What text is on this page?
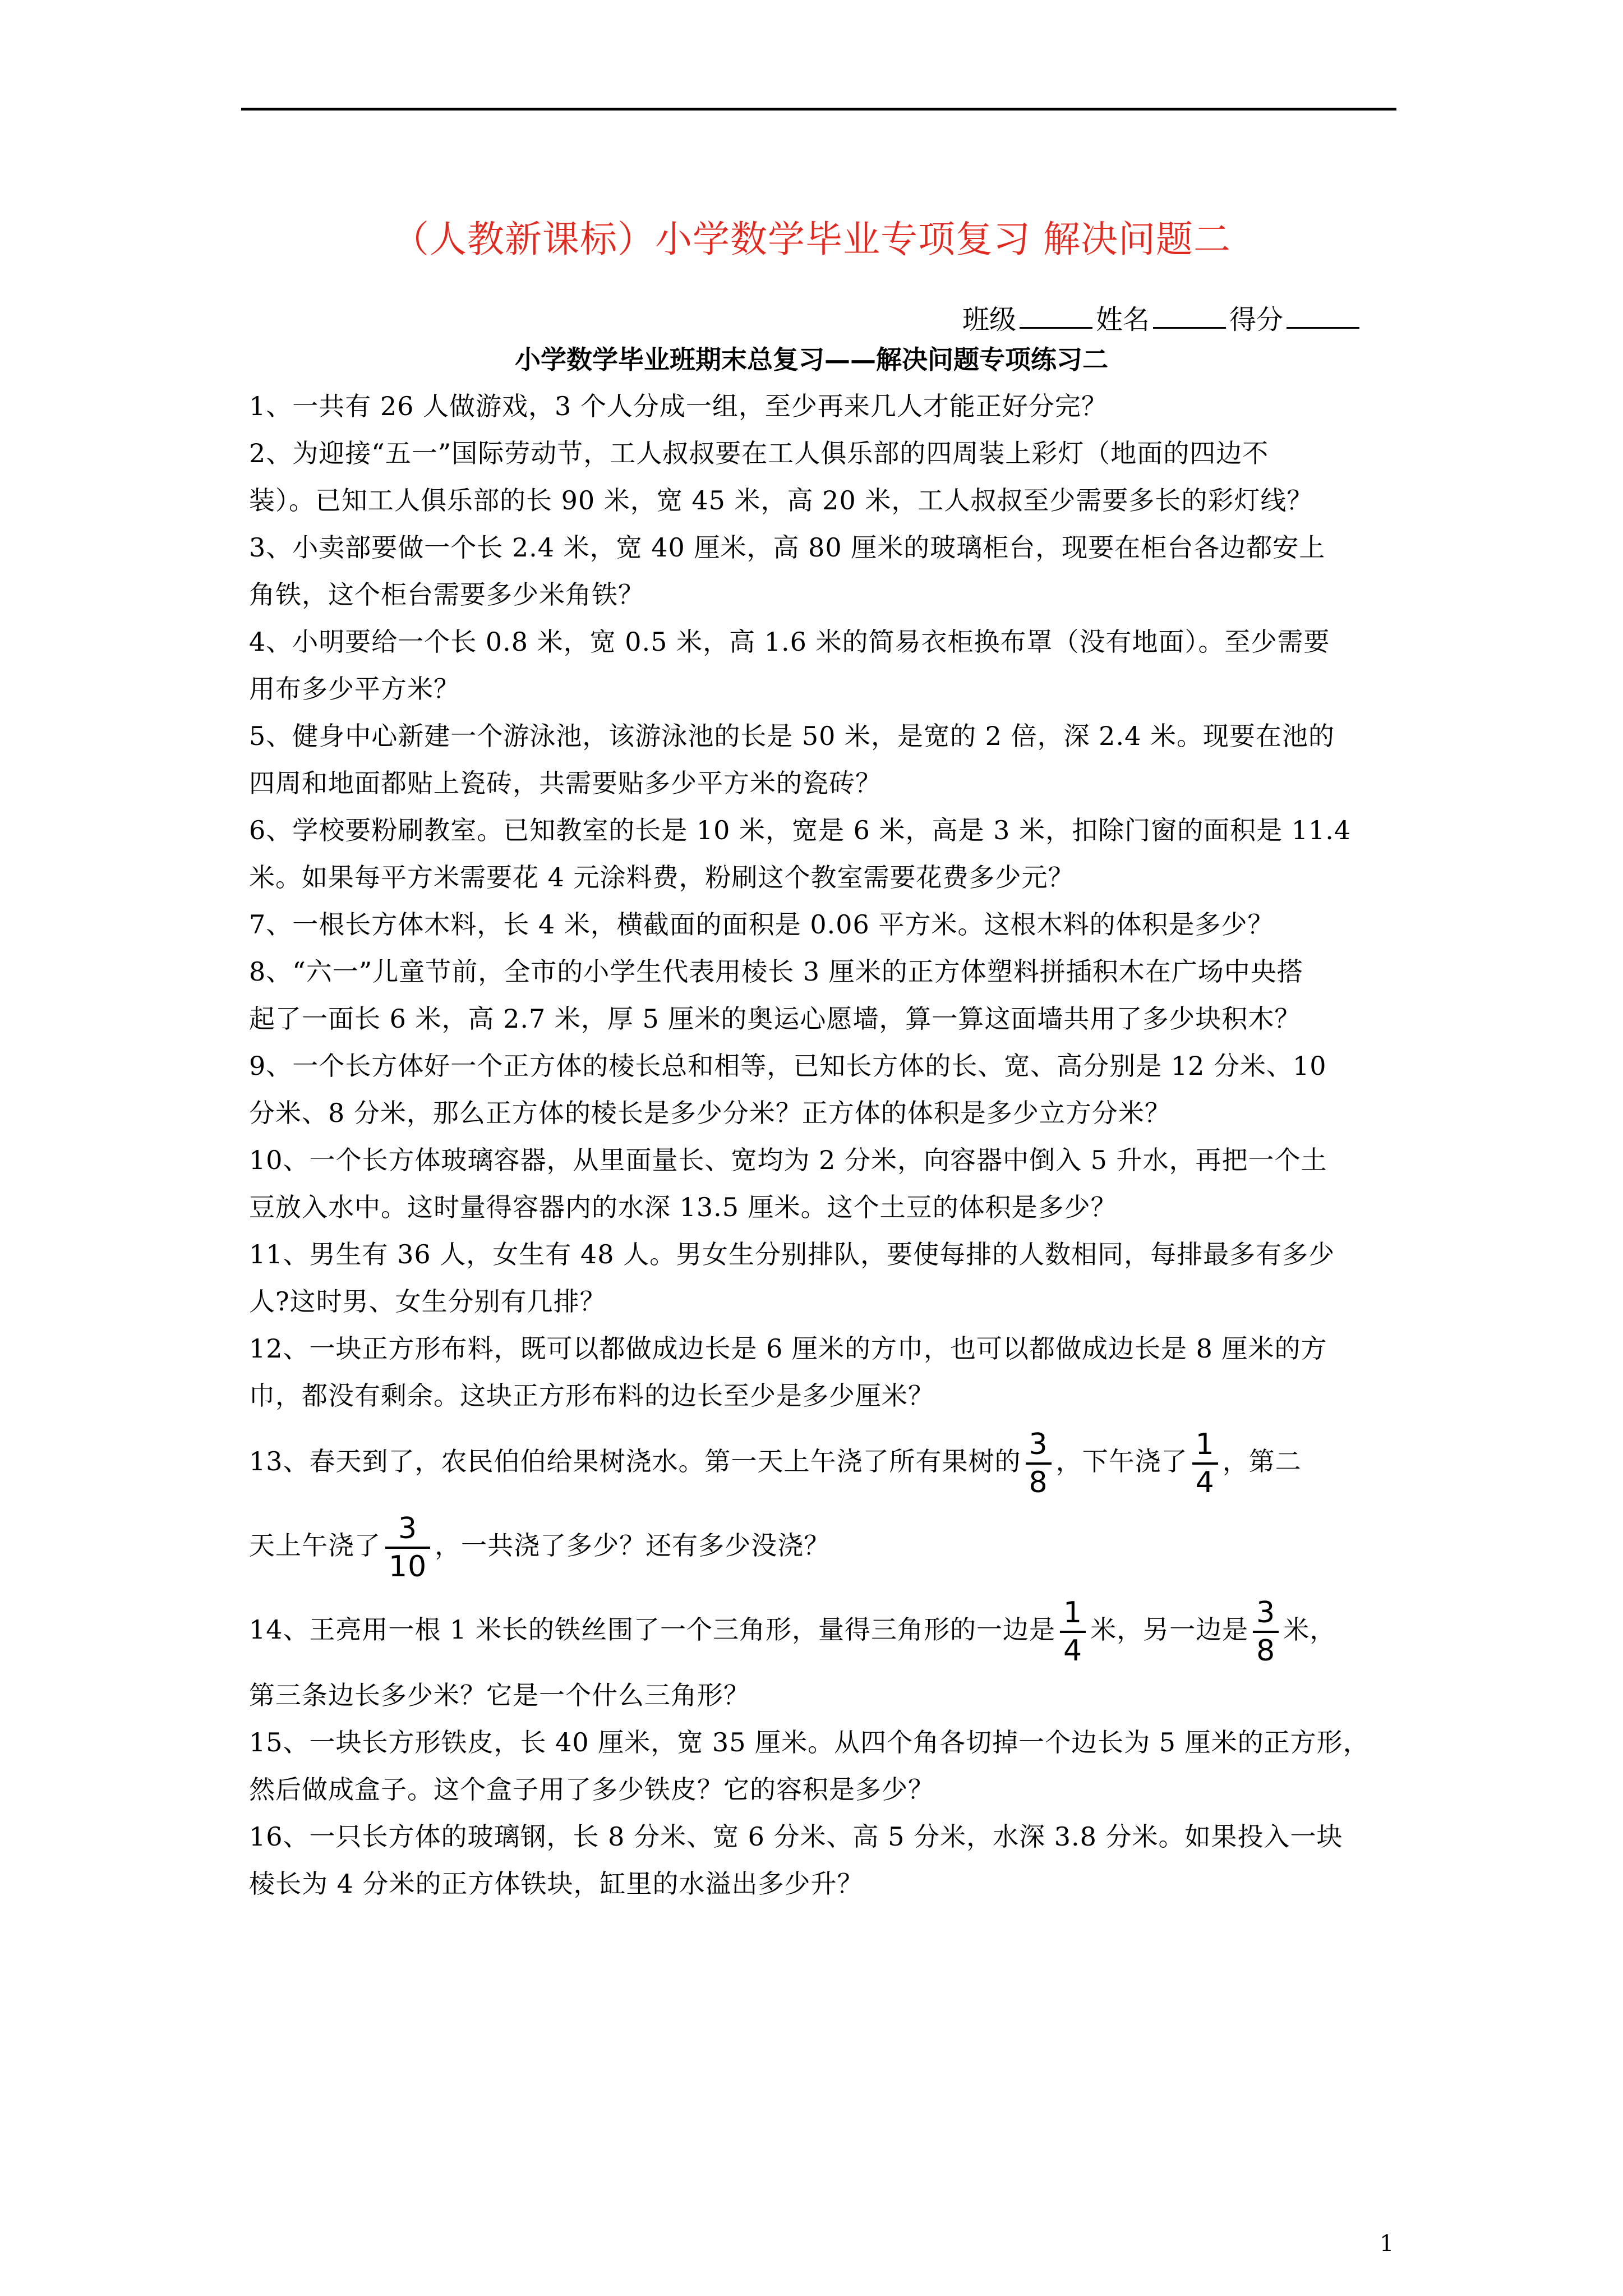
（人教新课标）小学数学毕业专项复习 解决问题二
班级	姓名	得分
小学数学毕业班期末总复习——解决问题专项练习二

1、一共有 26 人做游戏，3 个人分成一组，至少再来几人才能正好分完？

2、为迎接“五一”国际劳动节，工人叔叔要在工人俱乐部的四周装上彩灯（地面的四边不

装）。已知工人俱乐部的长 90 米，宽 45 米，高 20 米，工人叔叔至少需要多长的彩灯线？

3、小卖部要做一个长 2.4 米，宽 40 厘米，高 80 厘米的玻璃柜台，现要在柜台各边都安上

角铁，这个柜台需要多少米角铁？

4、小明要给一个长 0.8 米，宽 0.5 米，高 1.6 米的简易衣柜换布罩（没有地面）。至少需要

用布多少平方米？

5、健身中心新建一个游泳池，该游泳池的长是 50 米，是宽的 2 倍，深 2.4 米。现要在池的

四周和地面都贴上瓷砖，共需要贴多少平方米的瓷砖？

6、学校要粉刷教室。已知教室的长是 10 米，宽是 6 米，高是 3 米，扣除门窗的面积是 11.4

米。如果每平方米需要花 4 元涂料费，粉刷这个教室需要花费多少元？

7、一根长方体木料，长 4 米，横截面的面积是 0.06 平方米。这根木料的体积是多少？

8、“六一”儿童节前，全市的小学生代表用棱长 3 厘米的正方体塑料拼插积木在广场中央搭

起了一面长 6 米，高 2.7 米，厚 5 厘米的奥运心愿墙，算一算这面墙共用了多少块积木？

9、一个长方体好一个正方体的棱长总和相等，已知长方体的长、宽、高分别是 12 分米、10

分米、8 分米，那么正方体的棱长是多少分米？正方体的体积是多少立方分米？

10、一个长方体玻璃容器，从里面量长、宽均为 2 分米，向容器中倒入 5 升水，再把一个土

豆放入水中。这时量得容器内的水深 13.5 厘米。这个土豆的体积是多少？

11、男生有 36 人，女生有 48 人。男女生分别排队，要使每排的人数相同，每排最多有多少

人?这时男、女生分别有几排？

12、一块正方形布料，既可以都做成边长是 6 厘米的方巾，也可以都做成边长是 8 厘米的方

巾，都没有剩余。这块正方形布料的边长至少是多少厘米？

13、春天到了，农民伯伯给果树浇水。第一天上午浇了所有果树的 $\frac{3}{8}$ ，下午浇了 $\frac{1}{4}$ ，第二

天上午浇了 $\frac{3}{10}$ ，一共浇了多少？还有多少没浇？

14、王亮用一根 1 米长的铁丝围了一个三角形，量得三角形的一边是 $\frac{1}{4}$ 米，另一边是 $\frac{3}{8}$ 米，

第三条边长多少米？它是一个什么三角形？

15、一块长方形铁皮，长 40 厘米，宽 35 厘米。从四个角各切掉一个边长为 5 厘米的正方形，

然后做成盒子。这个盒子用了多少铁皮？它的容积是多少？

16、一只长方体的玻璃钢，长 8 分米、宽 6 分米、高 5 分米，水深 3.8 分米。如果投入一块

棱长为 4 分米的正方体铁块，缸里的水溢出多少升？

1
